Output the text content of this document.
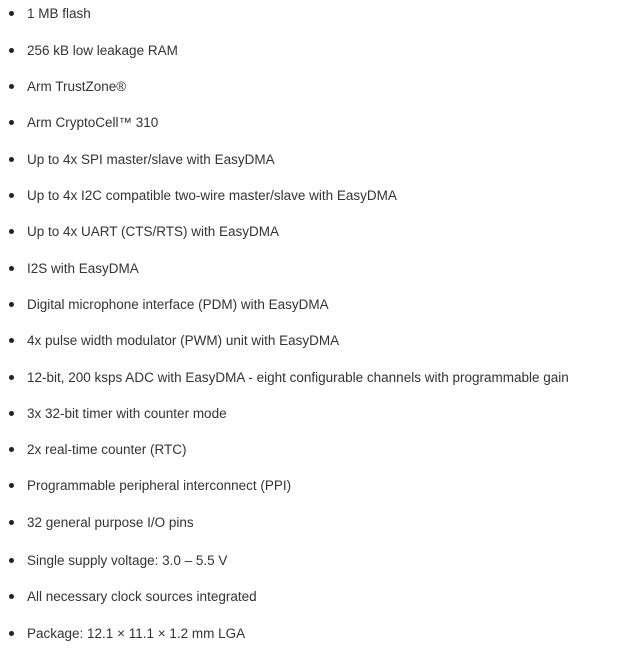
1 MB flash
256 kB low leakage RAM
Arm TrustZone®
Arm CryptoCell™ 310
Up to 4x SPI master/slave with EasyDMA
Up to 4x I2C compatible two-wire master/slave with EasyDMA
Up to 4x UART (CTS/RTS) with EasyDMA
I2S with EasyDMA
Digital microphone interface (PDM) with EasyDMA
4x pulse width modulator (PWM) unit with EasyDMA
12-bit, 200 ksps ADC with EasyDMA - eight configurable channels with programmable gain
3x 32-bit timer with counter mode
2x real-time counter (RTC)
Programmable peripheral interconnect (PPI)
32 general purpose I/O pins
Single supply voltage: 3.0 – 5.5 V
All necessary clock sources integrated
Package: 12.1 × 11.1 × 1.2 mm LGA
